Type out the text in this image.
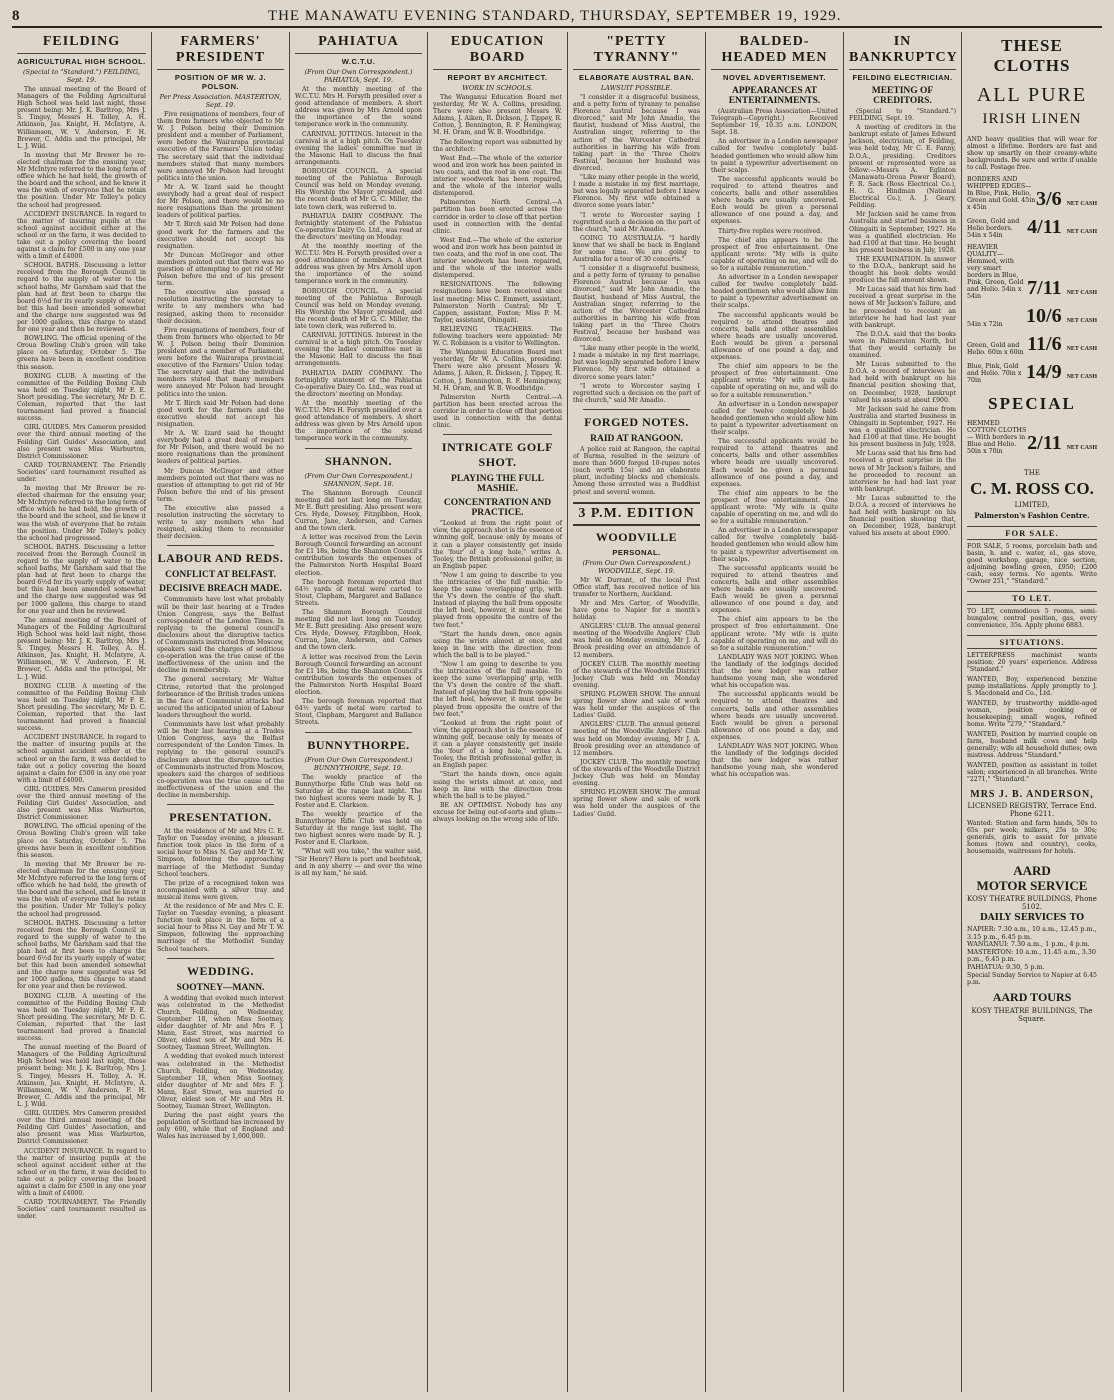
8	THE MANAWATU EVENING STANDARD, THURSDAY, SEPTEMBER 19, 1929.
FEILDING
AGRICULTURAL HIGH SCHOOL.
(Special to "Standard.") FEILDING, Sept. 19.

The annual meeting of the Board of Managers of the Feilding Agricultural High School was held last night, those present being: Mr. J. K. Barltrop, Mrs J. S. Tingey, Messrs H. Tolley, A. H. Atkinson, Jas. Knight, H. McIntyre, A. Williamson, W. V. Anderson, F. H. Brewer, C. Addis and the principal, Mr L. J. Wild.

In moving that Mr Brewer be re-elected chairman for the ensuing year, Mr McIntyre referred to the long term of office which he had held, the growth of the board and the school, and he knew it was the wish of everyone that he retain the position. Under Mr Tolley's policy the school had progressed.

ACCIDENT INSURANCE. In regard to the matter of insuring pupils at the school against accident either at the school or on the farm, it was decided to take out a policy covering the board against a claim for £500 in any one year with a limit of £4000.

SCHOOL BATHS. Discussing a letter received from the Borough Council in regard to the supply of water to the school baths, Mr Garnham said that the plan had at first been to charge the board 6½d for its yearly supply of water, but this had been amended somewhat and the charge now suggested was 9d per 1000 gallons, this charge to stand for one year and then be reviewed.

BOWLING. The official opening of the Oroua Bowling Club's green will take place on Saturday, October 5. The greens have been in excellent condition this season.

BOXING CLUB. A meeting of the committee of the Feilding Boxing Club was held on Tuesday night, Mr F. E. Short presiding. The secretary, Mr D. C. Coleman, reported that the last tournament had proved a financial success.

GIRL GUIDES. Mrs Cameron presided over the third annual meeting of the Feilding Girl Guides' Association, and also present was Miss Warburton, District Commissioner.

CARD TOURNAMENT. The Friendly Societies' card tournament resulted as under.

In moving that Mr Brewer be re-elected chairman for the ensuing year, Mr McIntyre referred to the long term of office which he had held, the growth of the board and the school, and he knew it was the wish of everyone that he retain the position. Under Mr Tolley's policy the school had progressed.

SCHOOL BATHS. Discussing a letter received from the Borough Council in regard to the supply of water to the school baths, Mr Garnham said that the plan had at first been to charge the board 6½d for its yearly supply of water, but this had been amended somewhat and the charge now suggested was 9d per 1000 gallons, this charge to stand for one year and then be reviewed.

The annual meeting of the Board of Managers of the Feilding Agricultural High School was held last night, those present being: Mr. J. K. Barltrop, Mrs J. S. Tingey, Messrs H. Tolley, A. H. Atkinson, Jas. Knight, H. McIntyre, A. Williamson, W. V. Anderson, F. H. Brewer, C. Addis and the principal, Mr L. J. Wild.

BOXING CLUB. A meeting of the committee of the Feilding Boxing Club was held on Tuesday night, Mr F. E. Short presiding. The secretary, Mr D. C. Coleman, reported that the last tournament had proved a financial success.

ACCIDENT INSURANCE. In regard to the matter of insuring pupils at the school against accident either at the school or on the farm, it was decided to take out a policy covering the board against a claim for £500 in any one year with a limit of £4000.

GIRL GUIDES. Mrs Cameron presided over the third annual meeting of the Feilding Girl Guides' Association, and also present was Miss Warburton, District Commissioner.

BOWLING. The official opening of the Oroua Bowling Club's green will take place on Saturday, October 5. The greens have been in excellent condition this season.

In moving that Mr Brewer be re-elected chairman for the ensuing year, Mr McIntyre referred to the long term of office which he had held, the growth of the board and the school, and he knew it was the wish of everyone that he retain the position. Under Mr Tolley's policy the school had progressed.

SCHOOL BATHS. Discussing a letter received from the Borough Council in regard to the supply of water to the school baths, Mr Garnham said that the plan had at first been to charge the board 6½d for its yearly supply of water, but this had been amended somewhat and the charge now suggested was 9d per 1000 gallons, this charge to stand for one year and then be reviewed.

BOXING CLUB. A meeting of the committee of the Feilding Boxing Club was held on Tuesday night, Mr F. E. Short presiding. The secretary, Mr D. C. Coleman, reported that the last tournament had proved a financial success.

The annual meeting of the Board of Managers of the Feilding Agricultural High School was held last night, those present being: Mr. J. K. Barltrop, Mrs J. S. Tingey, Messrs H. Tolley, A. H. Atkinson, Jas. Knight, H. McIntyre, A. Williamson, W. V. Anderson, F. H. Brewer, C. Addis and the principal, Mr L. J. Wild.

GIRL GUIDES. Mrs Cameron presided over the third annual meeting of the Feilding Girl Guides' Association, and also present was Miss Warburton, District Commissioner.

ACCIDENT INSURANCE. In regard to the matter of insuring pupils at the school against accident either at the school or on the farm, it was decided to take out a policy covering the board against a claim for £500 in any one year with a limit of £4000.

CARD TOURNAMENT. The Friendly Societies' card tournament resulted as under.

FARMERS' PRESIDENT
POSITION OF MR W. J. POLSON.
Per Press Association. MASTERTON, Sept. 19.

Five resignations of members, four of them from farmers who objected to Mr W. J. Polson being their Dominion president and a member of Parliament, were before the Wairarapa provincial executive of the Farmers' Union today. The secretary said that the individual members stated that many members were annoyed Mr Polson had brought politics into the union.

Mr A. W. Izard said he thought everybody had a great deal of respect for Mr Polson, and there would be no more resignations than the prominent leaders of political parties.

Mr T. Birch said Mr Polson had done good work for the farmers and the executive should not accept his resignation.

Mr Duncan McGregor and other members pointed out that there was no question of attempting to get rid of Mr Polson before the end of his present term.

The executive also passed a resolution instructing the secretary to write to any members who had resigned, asking them to reconsider their decision.

Five resignations of members, four of them from farmers who objected to Mr W. J. Polson being their Dominion president and a member of Parliament, were before the Wairarapa provincial executive of the Farmers' Union today. The secretary said that the individual members stated that many members were annoyed Mr Polson had brought politics into the union.

Mr T. Birch said Mr Polson had done good work for the farmers and the executive should not accept his resignation.

Mr A. W. Izard said he thought everybody had a great deal of respect for Mr Polson, and there would be no more resignations than the prominent leaders of political parties.

Mr Duncan McGregor and other members pointed out that there was no question of attempting to get rid of Mr Polson before the end of his present term.

The executive also passed a resolution instructing the secretary to write to any members who had resigned, asking them to reconsider their decision.

LABOUR AND REDS.
CONFLICT AT BELFAST.
DECISIVE BREACH MADE.

Communists have lost what probably will be their last hearing at a Trades Union Congress, says the Belfast correspondent of the London Times. In replying to the general council's disclosure about the disruptive tactics of Communists instructed from Moscow, speakers said the charges of seditious co-operation was the true cause of the ineffectiveness of the union and the decline in membership.

The general secretary, Mr Walter Citrine, retorted that the prolonged forbearance of the British trades unions in the face of Communist attacks had secured the anticipated union of Labour leaders throughout the world.

Communists have lost what probably will be their last hearing at a Trades Union Congress, says the Belfast correspondent of the London Times. In replying to the general council's disclosure about the disruptive tactics of Communists instructed from Moscow, speakers said the charges of seditious co-operation was the true cause of the ineffectiveness of the union and the decline in membership.

PRESENTATION.

At the residence of Mr and Mrs C. E. Taylor on Tuesday evening, a pleasant function took place in the form of a social hour to Miss N. Gay and Mr T. W. Simpson, following the approaching marriage of the Methodist Sunday School teachers.

The prize of a recognised token was accompanied with a silver tray and musical items were given.

At the residence of Mr and Mrs C. E. Taylor on Tuesday evening, a pleasant function took place in the form of a social hour to Miss N. Gay and Mr T. W. Simpson, following the approaching marriage of the Methodist Sunday School teachers.

WEDDING.
SOOTNEY—MANN.

A wedding that evoked much interest was celebrated in the Methodist Church, Feilding, on Wednesday, September 18, when Miss Sootney, elder daughter of Mr and Mrs F. J. Mann, East Street, was married to Oliver, eldest son of Mr and Mrs H. Sootney, Tasman Street, Wellington.

A wedding that evoked much interest was celebrated in the Methodist Church, Feilding, on Wednesday, September 18, when Miss Sootney, elder daughter of Mr and Mrs F. J. Mann, East Street, was married to Oliver, eldest son of Mr and Mrs H. Sootney, Tasman Street, Wellington.

During the past eight years the population of Scotland has increased by only 600, while that of England and Wales has increased by 1,600,000.

PAHIATUA
W.C.T.U.
(From Our Own Correspondent.) PAHIATUA, Sept. 19.

At the monthly meeting of the W.C.T.U. Mrs H. Forsyth presided over a good attendance of members. A short address was given by Mrs Arnold upon the importance of the sound temperance work in the community.

CARNIVAL JOTTINGS. Interest in the carnival is at a high pitch. On Tuesday evening the ladies' committee met in the Masonic Hall to discuss the final arrangements.

BOROUGH COUNCIL. A special meeting of the Pahiatua Borough Council was held on Monday evening. His Worship the Mayor presided, and the recent death of Mr G. C. Miller, the late town clerk, was referred to.

PAHIATUA DAIRY COMPANY. The fortnightly statement of the Pahiatua Co-operative Dairy Co. Ltd., was read at the directors' meeting on Monday.

At the monthly meeting of the W.C.T.U. Mrs H. Forsyth presided over a good attendance of members. A short address was given by Mrs Arnold upon the importance of the sound temperance work in the community.

BOROUGH COUNCIL. A special meeting of the Pahiatua Borough Council was held on Monday evening. His Worship the Mayor presided, and the recent death of Mr G. C. Miller, the late town clerk, was referred to.

CARNIVAL JOTTINGS. Interest in the carnival is at a high pitch. On Tuesday evening the ladies' committee met in the Masonic Hall to discuss the final arrangements.

PAHIATUA DAIRY COMPANY. The fortnightly statement of the Pahiatua Co-operative Dairy Co. Ltd., was read at the directors' meeting on Monday.

At the monthly meeting of the W.C.T.U. Mrs H. Forsyth presided over a good attendance of members. A short address was given by Mrs Arnold upon the importance of the sound temperance work in the community.

SHANNON.
(From Our Own Correspondent.) SHANNON, Sept. 18.

The Shannon Borough Council meeting did not last long on Tuesday, Mr E. Butt presiding. Also present were Crs. Hyde, Dowsey, Fitzgibbon, Hook, Curran, Jane, Anderson, and Carnes and the town clerk.

A letter was received from the Levin Borough Council forwarding an account for £1 18s, being the Shannon Council's contribution towards the expenses of the Palmerston North Hospital Board election.

The borough foreman reported that 64½ yards of metal were carted to Stout, Clapham, Margaret and Ballance Streets.

The Shannon Borough Council meeting did not last long on Tuesday, Mr E. Butt presiding. Also present were Crs. Hyde, Dowsey, Fitzgibbon, Hook, Curran, Jane, Anderson, and Carnes and the town clerk.

A letter was received from the Levin Borough Council forwarding an account for £1 18s, being the Shannon Council's contribution towards the expenses of the Palmerston North Hospital Board election.

The borough foreman reported that 64½ yards of metal were carted to Stout, Clapham, Margaret and Ballance Streets.

BUNNYTHORPE.
(From Our Own Correspondent.) BUNNYTHORPE, Sept. 19.

The weekly practice of the Bunnythorpe Rifle Club was held on Saturday at the range last night. The two highest scores were made by R. J. Foster and E. Clarkson.

The weekly practice of the Bunnythorpe Rifle Club was held on Saturday at the range last night. The two highest scores were made by R. J. Foster and E. Clarkson.

"What will you take," the waiter said, "Sir Henry? Here is port and beefsteak, and in any sherry — and over the wine is all my ham," he said.

EDUCATION BOARD
REPORT BY ARCHITECT.
WORK IN SCHOOLS.

The Wanganui Education Board met yesterday, Mr W. A. Collins, presiding. There were also present Messrs W. Adams, J. Aiken, R. Dickson, J. Tippey, R. Cotton, J. Bennington, R. F. Hemingway, M. H. Oram, and W. B. Woodbridge.

The following report was submitted by the architect:

West End.—The whole of the exterior wood and iron work has been painted in two coats, and the roof in one coat. The interior woodwork has been repaired, and the whole of the interior walls distempered.

Palmerston North Central.—A partition has been erected across the corridor in order to close off that portion used in connection with the dental clinic.

West End.—The whole of the exterior wood and iron work has been painted in two coats, and the roof in one coat. The interior woodwork has been repaired, and the whole of the interior walls distempered.

RESIGNATIONS. The following resignations have been received since last meeting: Miss C. Emmett, assistant, Palmerston North Central; Mr T. Cappen, assistant, Foxton; Miss P. M. Taylor, assistant, Ohingaiti.

RELIEVING TEACHERS. The following teachers were appointed: Mr W. C. Robinson is a visitor to Wellington.

The Wanganui Education Board met yesterday, Mr W. A. Collins, presiding. There were also present Messrs W. Adams, J. Aiken, R. Dickson, J. Tippey, R. Cotton, J. Bennington, R. F. Hemingway, M. H. Oram, and W. B. Woodbridge.

Palmerston North Central.—A partition has been erected across the corridor in order to close off that portion used in connection with the dental clinic.

INTRICATE GOLF SHOT.
PLAYING THE FULL MASHIE.
CONCENTRATION AND PRACTICE.

"Looked at from the right point of view, the approach shot is the essence of winning golf, because only by means of it can a player consistently get inside the 'four' of a long hole," writes A. Tooley, the British professional golfer, in an English paper.

"Now I am going to describe to you the intricacies of the full mashie. To keep the same 'overlapping' grip, with the V's down the centre of the shaft. Instead of playing the ball from opposite the left heel, however, it must now be played from opposite the centre of the two feet."

"Start the hands down, once again using the wrists almost at once, and keep in line with the direction from which the ball is to be played."

"Now I am going to describe to you the intricacies of the full mashie. To keep the same 'overlapping' grip, with the V's down the centre of the shaft. Instead of playing the ball from opposite the left heel, however, it must now be played from opposite the centre of the two feet."

"Looked at from the right point of view, the approach shot is the essence of winning golf, because only by means of it can a player consistently get inside the 'four' of a long hole," writes A. Tooley, the British professional golfer, in an English paper.

"Start the hands down, once again using the wrists almost at once, and keep in line with the direction from which the ball is to be played."

BE AN OPTIMIST. Nobody has any excuse for being out-of-sorts and glum—always looking on the wrong side of life.

"PETTY TYRANNY"
ELABORATE AUSTRAL BAN.
LAWSUIT POSSIBLE.

"I consider it a disgraceful business, and a petty form of tyranny to penalise Florence Austral because I was divorced," said Mr John Amadio, the flautist, husband of Miss Austral, the Australian singer, referring to the action of the Worcester Cathedral authorities in barring his wife from taking part in the 'Three Choirs Festival,' because her husband was divorced.

"Like many other people in the world, I made a mistake in my first marriage, but was legally separated before I knew Florence. My first wife obtained a divorce some years later."

"I wrote to Worcester saying I regretted such a decision on the part of the church," said Mr Amadio.

GOING TO AUSTRALIA. "I hardly know that we shall be back in England for some time. We are going to Australia for a tour of 30 concerts."

"I consider it a disgraceful business, and a petty form of tyranny to penalise Florence Austral because I was divorced," said Mr John Amadio, the flautist, husband of Miss Austral, the Australian singer, referring to the action of the Worcester Cathedral authorities in barring his wife from taking part in the 'Three Choirs Festival,' because her husband was divorced.

"Like many other people in the world, I made a mistake in my first marriage, but was legally separated before I knew Florence. My first wife obtained a divorce some years later."

"I wrote to Worcester saying I regretted such a decision on the part of the church," said Mr Amadio.

FORGED NOTES.
RAID AT RANGOON.

A police raid at Rangoon, the capital of Burma, resulted in the seizure of more than 5600 forged 10-rupee notes (each worth 15s) and an elaborate plant, including blocks and chemicals. Among those arrested was a Buddhist priest and several women.

3 P.M. EDITION
WOODVILLE
PERSONAL.
(From Our Own Correspondent.) WOODVILLE, Sept. 19.

Mr W. Durrant, of the local Post Office staff, has received notice of his transfer to Northern, Auckland.

Mr and Mrs Carter, of Woodville, have gone to Napier for a month's holiday.

ANGLERS' CLUB. The annual general meeting of the Woodville Anglers' Club was held on Monday evening, Mr J. A. Brook presiding over an attendance of 12 members.

JOCKEY CLUB. The monthly meeting of the stewards of the Woodville District Jockey Club was held on Monday evening.

SPRING FLOWER SHOW. The annual spring flower show and sale of work was held under the auspices of the Ladies' Guild.

ANGLERS' CLUB. The annual general meeting of the Woodville Anglers' Club was held on Monday evening, Mr J. A. Brook presiding over an attendance of 12 members.

JOCKEY CLUB. The monthly meeting of the stewards of the Woodville District Jockey Club was held on Monday evening.

SPRING FLOWER SHOW. The annual spring flower show and sale of work was held under the auspices of the Ladies' Guild.

BALDED-HEADED MEN
NOVEL ADVERTISEMENT.
APPEARANCES AT ENTERTAINMENTS.

(Australian Press Association—United Telegraph—Copyright.) Received September 19, 10.35 a.m. LONDON, Sept. 18.

An advertiser in a London newspaper called for twelve completely bald-headed gentlemen who would allow him to paint a typewriter advertisement on their scalps.

The successful applicants would be required to attend theatres and concerts, balls and other assemblies where heads are usually uncovered. Each would be given a personal allowance of one pound a day, and expenses.

Thirty-five replies were received.

The chief aim appears to be the prospect of free entertainment. One applicant wrote: "My wife is quite capable of operating on me, and will do so for a suitable remuneration."

An advertiser in a London newspaper called for twelve completely bald-headed gentlemen who would allow him to paint a typewriter advertisement on their scalps.

The successful applicants would be required to attend theatres and concerts, balls and other assemblies where heads are usually uncovered. Each would be given a personal allowance of one pound a day, and expenses.

The chief aim appears to be the prospect of free entertainment. One applicant wrote: "My wife is quite capable of operating on me, and will do so for a suitable remuneration."

An advertiser in a London newspaper called for twelve completely bald-headed gentlemen who would allow him to paint a typewriter advertisement on their scalps.

The successful applicants would be required to attend theatres and concerts, balls and other assemblies where heads are usually uncovered. Each would be given a personal allowance of one pound a day, and expenses.

The chief aim appears to be the prospect of free entertainment. One applicant wrote: "My wife is quite capable of operating on me, and will do so for a suitable remuneration."

An advertiser in a London newspaper called for twelve completely bald-headed gentlemen who would allow him to paint a typewriter advertisement on their scalps.

The successful applicants would be required to attend theatres and concerts, balls and other assemblies where heads are usually uncovered. Each would be given a personal allowance of one pound a day, and expenses.

The chief aim appears to be the prospect of free entertainment. One applicant wrote: "My wife is quite capable of operating on me, and will do so for a suitable remuneration."

LANDLADY WAS NOT JOKING. When the landlady of the lodgings decided that the new lodger was rather handsome young man, she wondered what his occupation was.

The successful applicants would be required to attend theatres and concerts, balls and other assemblies where heads are usually uncovered. Each would be given a personal allowance of one pound a day, and expenses.

LANDLADY WAS NOT JOKING. When the landlady of the lodgings decided that the new lodger was rather handsome young man, she wondered what his occupation was.

IN BANKRUPTCY
FEILDING ELECTRICIAN.
MEETING OF CREDITORS.

(Special to "Standard.") FEILDING, Sept. 19.

A meeting of creditors in the bankrupt estate of James Edward Jackson, electrician, of Feilding, was held today, Mr C. E. Fanny, D.O.A., presiding. Creditors present or represented were as follow:—Messrs A. Eglinton (Manawatu-Oroua Power Board), F. R. Sack (Ross Electrical Co.), H. G. Hindman (National Electrical Co.), A. J. Geary, Feilding.

Mr Jackson said he came from Australia and started business in Ohingaiti in September, 1927. He was a qualified electrician. He had £100 at that time. He bought his present business in July, 1928.

THE EXAMINATION. In answer to the D.O.A., bankrupt said he thought his book debts would produce the full amount shown.

Mr Lucas said that his firm had received a great surprise in the news of Mr Jackson's failure, and he proceeded to recount an interview he had had last year with bankrupt.

The D.O.A. said that the books were in Palmerston North, but that they would certainly be examined.

Mr Lucas submitted to the D.O.A. a record of interviews he had held with bankrupt on his financial position showing that, on December, 1928, bankrupt valued his assets at about £900.

Mr Jackson said he came from Australia and started business in Ohingaiti in September, 1927. He was a qualified electrician. He had £100 at that time. He bought his present business in July, 1928.

Mr Lucas said that his firm had received a great surprise in the news of Mr Jackson's failure, and he proceeded to recount an interview he had had last year with bankrupt.

Mr Lucas submitted to the D.O.A. a record of interviews he had held with bankrupt on his financial position showing that, on December, 1928, bankrupt valued his assets at about £900.

THESE CLOTHS
ALL PURE
IRISH LINEN
AND heavy qualities that will wear for almost a lifetime. Borders are fast and show up smartly on their creamy-white backgrounds. Be sure and write if unable to call. Postage free.
BORDERS AND WHIPPED EDGES— In Blue, Pink, Helio, Green and Gold. 45in x 45in	3/6 NET CASH
Green, Gold and Helio borders. 54in x 54in	4/11 NET CASH
HEAVIER QUALITY— Hemmed, with very smart borders in Blue, Pink, Green, Gold and Helio. 54in x 54in	7/11 NET CASH
54in x 72in	10/6 NET CASH
Green, Gold and Helio. 60in x 60in 11/6 NET CASH
Blue, Pink, Gold and Helio. 70in x 70in	14/9 NET CASH
SPECIAL
HEMMED COTTON CLOTHS— With borders in Blue and Helio. 50in x 70in	2/11 NET CASH
THE
C. M. ROSS CO.
LIMITED,
Palmerston's Fashion Centre.
FOR SALE.
FOR SALE, 5 rooms, porcelain bath and basin, h. and c. water, el., gas stove, good workshop, garage, nice section, adjoining bowling green, £950; £200 cash, easy terms. No agents. Write "Owner 251," "Standard."
TO LET.
TO LET, commodious 5 rooms, semi-bungalow, central position, gas, every convenience, 35s. Apply phone 6883.
SITUATIONS.
LETTERPRESS machinist wants position; 20 years' experience. Address "Standard."
WANTED, Boy, experienced benzine pump installations. Apply promptly to J. S. Macdonald and Co., Ltd.
WANTED, by trustworthy middle-aged woman, position cooking or housekeeping; small wages, refined home. Write "279," "Standard."
WANTED, Position by married couple on farm, husband milk cows and help generally; wife all household duties; own mistress. Address "Standard."
WANTED, position as assistant in toilet salon; experienced in all branches. Write "2271," "Standard."
MRS J. B. ANDERSON,
LICENSED REGISTRY, Terrace End. Phone 6211.
Wanted: Station and farm hands, 50s to 65s per week; milkers, 25s to 30s; generals, girls to assist for private homes (town and country), cooks, housemaids, waitresses for hotels.
AARD
MOTOR SERVICE
KOSY THEATRE BUILDINGS, Phone 5102.
DAILY SERVICES TO
NAPIER: 7.30 a.m., 10 a.m., 12.45 p.m., 3.15 p.m., 6.45 p.m.
WANGANUI: 7.30 a.m., 1 p.m., 4 p.m.
MASTERTON: 10 a.m., 11.45 a.m., 3.30 p.m., 6.45 p.m.
PAHIATUA: 9.30, 5 p.m.
Special Sunday Service to Napier at 6.45 p.m.
AARD TOURS
KOSY THEATRE BUILDINGS, The Square.
